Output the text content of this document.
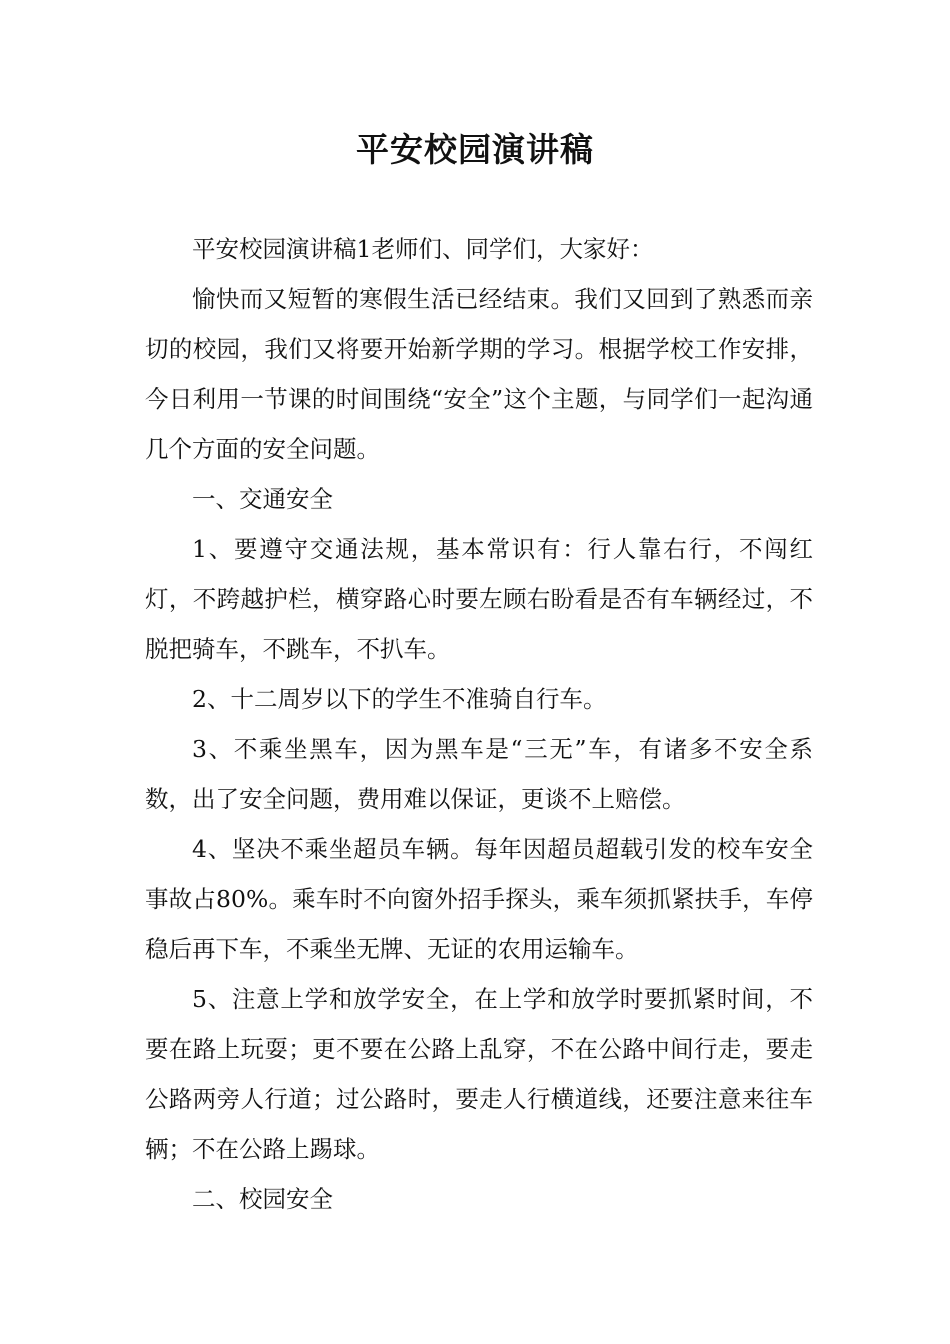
平安校园演讲稿

平安校园演讲稿1老师们、同学们，大家好：

愉快而又短暂的寒假生活已经结束。我们又回到了熟悉而亲切的校园，我们又将要开始新学期的学习。根据学校工作安排，今日利用一节课的时间围绕“安全”这个主题，与同学们一起沟通几个方面的安全问题。

一、交通安全

1、要遵守交通法规，基本常识有：行人靠右行，不闯红灯，不跨越护栏，横穿路心时要左顾右盼看是否有车辆经过，不脱把骑车，不跳车，不扒车。

2、十二周岁以下的学生不准骑自行车。

3、不乘坐黑车，因为黑车是“三无”车，有诸多不安全系数，出了安全问题，费用难以保证，更谈不上赔偿。

4、坚决不乘坐超员车辆。每年因超员超载引发的校车安全事故占80%。乘车时不向窗外招手探头，乘车须抓紧扶手，车停稳后再下车，不乘坐无牌、无证的农用运输车。

5、注意上学和放学安全，在上学和放学时要抓紧时间，不要在路上玩耍；更不要在公路上乱穿，不在公路中间行走，要走公路两旁人行道；过公路时，要走人行横道线，还要注意来往车辆；不在公路上踢球。

二、校园安全
